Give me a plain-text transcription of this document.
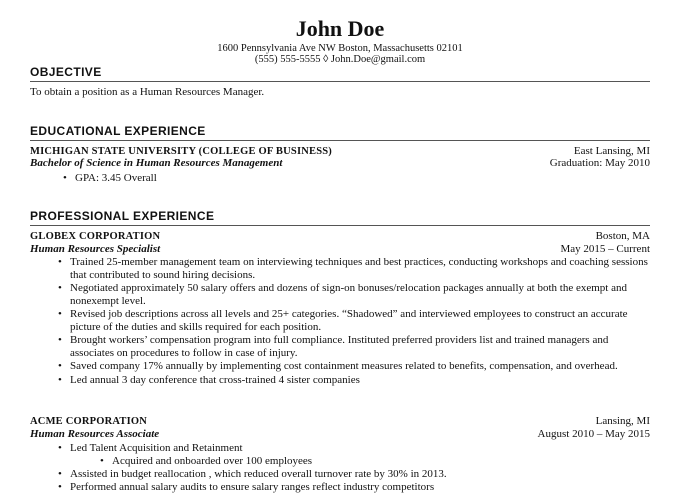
John Doe
1600 Pennsylvania Ave NW Boston, Massachusetts 02101
(555) 555-5555 ◊ John.Doe@gmail.com
OBJECTIVE
To obtain a position as a Human Resources Manager.
EDUCATIONAL EXPERIENCE
MICHIGAN STATE UNIVERSITY (COLLEGE OF BUSINESS)	East Lansing, MI
Bachelor of Science in Human Resources Management	Graduation: May 2010
• GPA: 3.45 Overall
PROFESSIONAL EXPERIENCE
GLOBEX CORPORATION	Boston, MA
Human Resources Specialist	May 2015 – Current
• Trained 25-member management team on interviewing techniques and best practices, conducting workshops and coaching sessions that contributed to sound hiring decisions.
• Negotiated approximately 50 salary offers and dozens of sign-on bonuses/relocation packages annually at both the exempt and nonexempt level.
• Revised job descriptions across all levels and 25+ categories. “Shadowed” and interviewed employees to construct an accurate picture of the duties and skills required for each position.
• Brought workers’ compensation program into full compliance. Instituted preferred providers list and trained managers and associates on procedures to follow in case of injury.
• Saved company 17% annually by implementing cost containment measures related to benefits, compensation, and overhead.
• Led annual 3 day conference that cross-trained 4 sister companies
ACME CORPORATION	Lansing, MI
Human Resources Associate	August 2010 – May 2015
• Led Talent Acquisition and Retainment
• Acquired and onboarded over 100 employees
• Assisted in budget reallocation , which reduced overall turnover rate by 30% in 2013.
• Performed annual salary audits to ensure salary ranges reflect industry competitors
